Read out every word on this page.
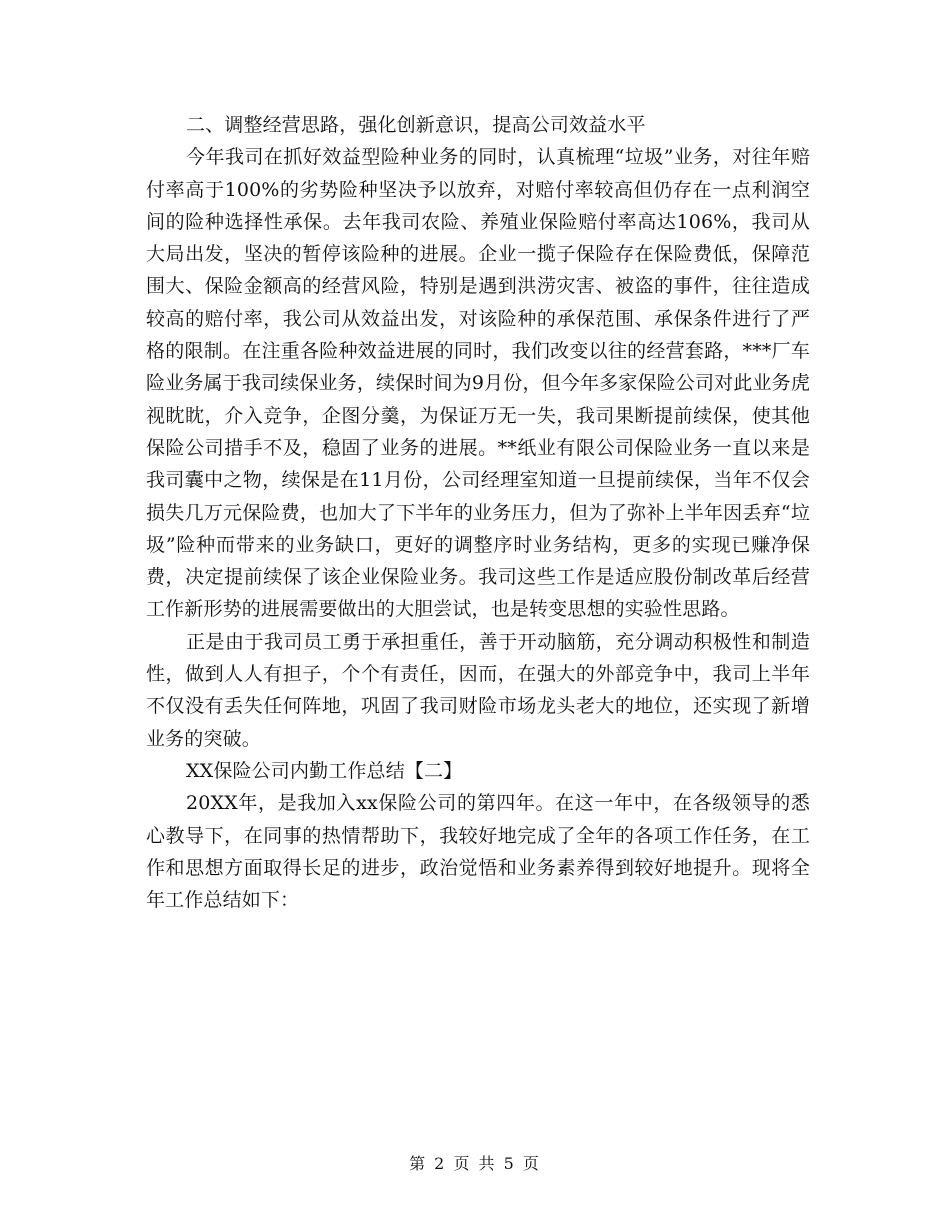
二、调整经营思路，强化创新意识，提高公司效益水平

今年我司在抓好效益型险种业务的同时，认真梳理“垃圾”业务，对往年赔付率高于100%的劣势险种坚决予以放弃，对赔付率较高但仍存在一点利润空间的险种选择性承保。去年我司农险、养殖业保险赔付率高达106%，我司从大局出发，坚决的暂停该险种的进展。企业一揽子保险存在保险费低，保障范围大、保险金额高的经营风险，特别是遇到洪涝灾害、被盗的事件，往往造成较高的赔付率，我公司从效益出发，对该险种的承保范围、承保条件进行了严格的限制。在注重各险种效益进展的同时，我们改变以往的经营套路，***厂车险业务属于我司续保业务，续保时间为9月份，但今年多家保险公司对此业务虎视眈眈，介入竞争，企图分羹，为保证万无一失，我司果断提前续保，使其他保险公司措手不及，稳固了业务的进展。**纸业有限公司保险业务一直以来是我司囊中之物，续保是在11月份，公司经理室知道一旦提前续保，当年不仅会损失几万元保险费，也加大了下半年的业务压力，但为了弥补上半年因丢弃“垃圾”险种而带来的业务缺口，更好的调整序时业务结构，更多的实现已赚净保费，决定提前续保了该企业保险业务。我司这些工作是适应股份制改革后经营工作新形势的进展需要做出的大胆尝试，也是转变思想的实验性思路。

正是由于我司员工勇于承担重任，善于开动脑筋，充分调动积极性和制造性，做到人人有担子，个个有责任，因而，在强大的外部竞争中，我司上半年不仅没有丢失任何阵地，巩固了我司财险市场龙头老大的地位，还实现了新增业务的突破。

XX保险公司内勤工作总结【二】

20XX年，是我加入xx保险公司的第四年。在这一年中，在各级领导的悉心教导下，在同事的热情帮助下，我较好地完成了全年的各项工作任务，在工作和思想方面取得长足的进步，政治觉悟和业务素养得到较好地提升。现将全年工作总结如下：

第 2 页 共 5 页
